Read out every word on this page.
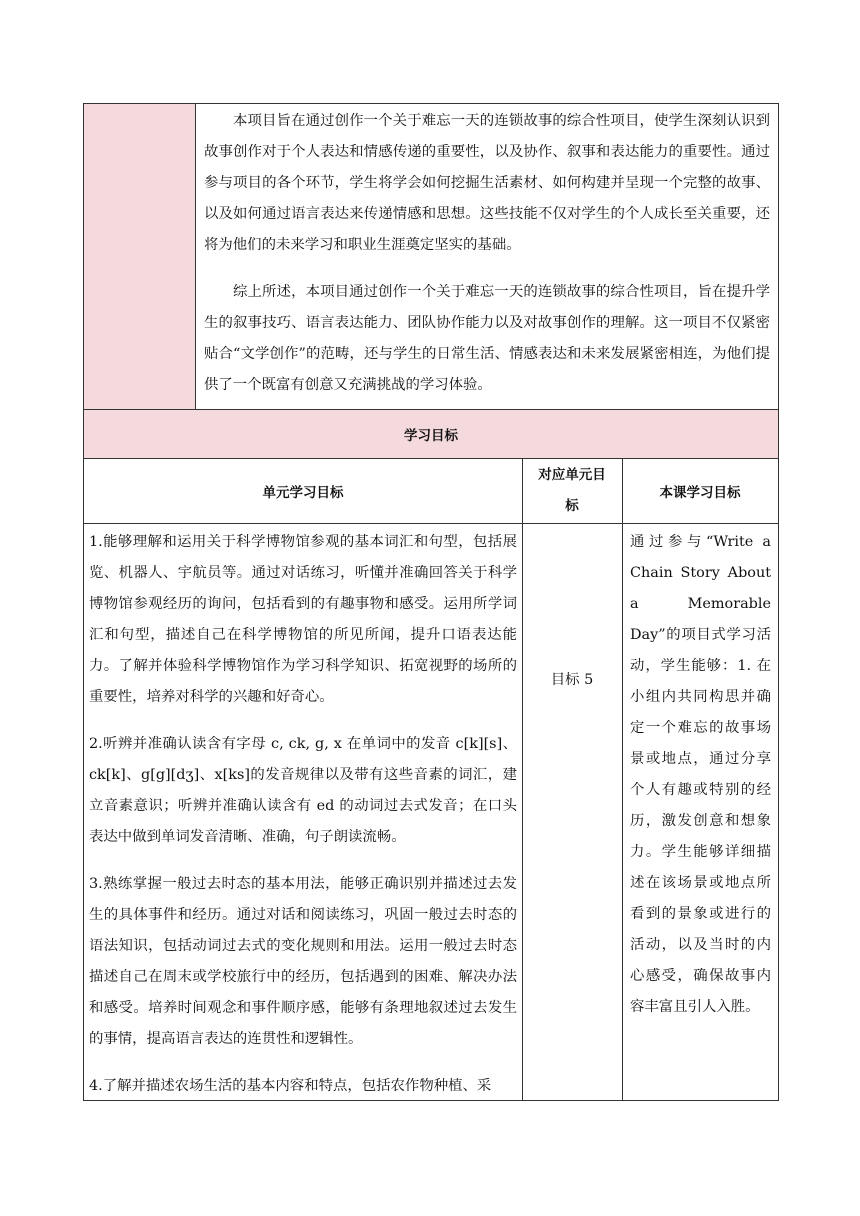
本项目旨在通过创作一个关于难忘一天的连锁故事的综合性项目，使学生深刻认识到故事创作对于个人表达和情感传递的重要性，以及协作、叙事和表达能力的重要性。通过参与项目的各个环节，学生将学会如何挖掘生活素材、如何构建并呈现一个完整的故事、以及如何通过语言表达来传递情感和思想。这些技能不仅对学生的个人成长至关重要，还将为他们的未来学习和职业生涯奠定坚实的基础。
综上所述，本项目通过创作一个关于难忘一天的连锁故事的综合性项目，旨在提升学生的叙事技巧、语言表达能力、团队协作能力以及对故事创作的理解。这一项目不仅紧密贴合“文学创作”的范畴，还与学生的日常生活、情感表达和未来发展紧密相连，为他们提供了一个既富有创意又充满挑战的学习体验。
学习目标
单元学习目标
对应单元目标
本课学习目标
1.能够理解和运用关于科学博物馆参观的基本词汇和句型，包括展览、机器人、宇航员等。通过对话练习，听懂并准确回答关于科学博物馆参观经历的询问，包括看到的有趣事物和感受。运用所学词汇和句型，描述自己在科学博物馆的所见所闻，提升口语表达能力。了解并体验科学博物馆作为学习科学知识、拓宽视野的场所的重要性，培养对科学的兴趣和好奇心。
2.听辨并准确认读含有字母 c, ck, g, x 在单词中的发音 c[k][s]、ck[k]、g[g][dʒ]、x[ks]的发音规律以及带有这些音素的词汇，建立音素意识；听辨并准确认读含有 ed 的动词过去式发音；在口头表达中做到单词发音清晰、准确，句子朗读流畅。
3.熟练掌握一般过去时态的基本用法，能够正确识别并描述过去发生的具体事件和经历。通过对话和阅读练习，巩固一般过去时态的语法知识，包括动词过去式的变化规则和用法。运用一般过去时态描述自己在周末或学校旅行中的经历，包括遇到的困难、解决办法和感受。培养时间观念和事件顺序感，能够有条理地叙述过去发生的事情，提高语言表达的连贯性和逻辑性。
4.了解并描述农场生活的基本内容和特点，包括农作物种植、采
目标 5
通过参与“Write a Chain Story About a Memorable Day”的项目式学习活动，学生能够：1. 在小组内共同构思并确定一个难忘的故事场景或地点，通过分享个人有趣或特别的经历，激发创意和想象力。学生能够详细描述在该场景或地点所看到的景象或进行的活动，以及当时的内心感受，确保故事内容丰富且引人入胜。
